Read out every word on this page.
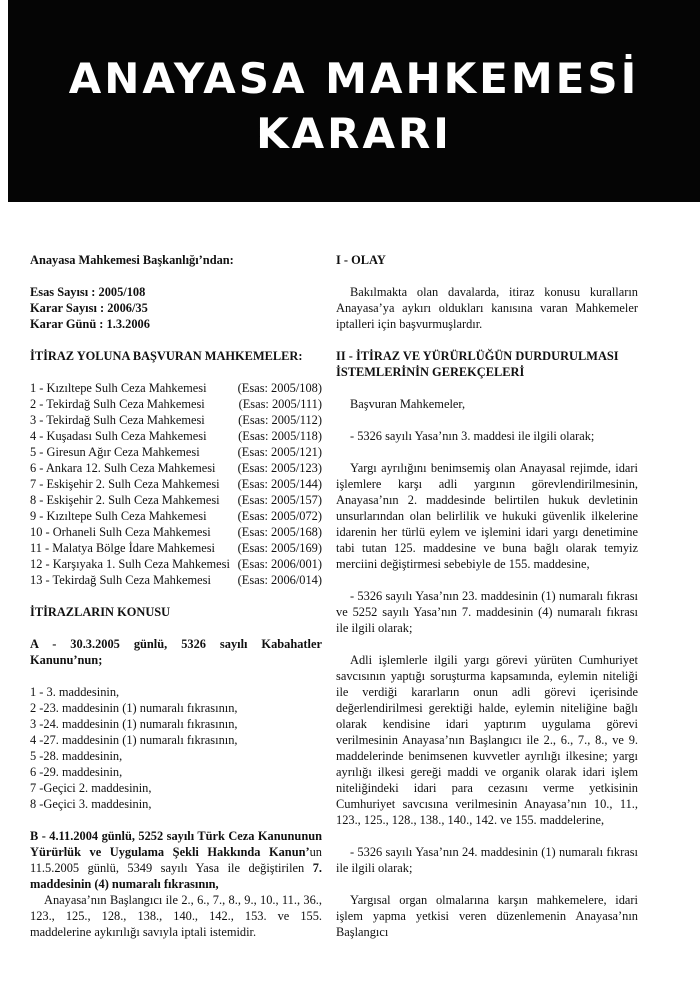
ANAYASA MAHKEMESİ
KARARI

Anayasa Mahkemesi Başkanlığı’ndan:

Esas Sayısı : 2005/108

Karar Sayısı : 2006/35

Karar Günü : 1.3.2006

İTİRAZ YOLUNA BAŞVURAN MAHKEMELER:

1 - Kızıltepe Sulh Ceza Mahkemesi	(Esas: 2005/108)
2 - Tekirdağ Sulh Ceza Mahkemesi	(Esas: 2005/111)
3 - Tekirdağ Sulh Ceza Mahkemesi	(Esas: 2005/112)
4 - Kuşadası Sulh Ceza Mahkemesi	(Esas: 2005/118)
5 - Giresun Ağır Ceza Mahkemesi	(Esas: 2005/121)
6 - Ankara 12. Sulh Ceza Mahkemesi (Esas: 2005/123)
7 - Eskişehir 2. Sulh Ceza Mahkemesi (Esas: 2005/144)
8 - Eskişehir 2. Sulh Ceza Mahkemesi (Esas: 2005/157)
9 - Kızıltepe Sulh Ceza Mahkemesi	(Esas: 2005/072)
10 - Orhaneli Sulh Ceza Mahkemesi (Esas: 2005/168)
11 - Malatya Bölge İdare Mahkemesi (Esas: 2005/169)
12 - Karşıyaka 1. Sulh Ceza Mahkemesi (Esas: 2006/001)
13 - Tekirdağ Sulh Ceza Mahkemesi (Esas: 2006/014)

İTİRAZLARIN KONUSU

A - 30.3.2005 günlü, 5326 sayılı Kabahatler Kanunu’nun;

1 - 3. maddesinin,
2 -23. maddesinin (1) numaralı fıkrasının,
3 -24. maddesinin (1) numaralı fıkrasının,
4 -27. maddesinin (1) numaralı fıkrasının,
5 -28. maddesinin,
6 -29. maddesinin,
7 -Geçici 2. maddesinin,
8 -Geçici 3. maddesinin,

B - 4.11.2004 günlü, 5252 sayılı Türk Ceza Kanununun Yürürlük ve Uygulama Şekli Hakkında Kanun’un 11.5.2005 günlü, 5349 sayılı Yasa ile değiştirilen 7. maddesinin (4) numaralı fıkrasının,

Anayasa’nın Başlangıcı ile 2., 6., 7., 8., 9., 10., 11., 36., 123., 125., 128., 138., 140., 142., 153. ve 155. maddelerine aykırılığı savıyla iptali istemidir.

I - OLAY

Bakılmakta olan davalarda, itiraz konusu kuralların Anayasa’ya aykırı oldukları kanısına varan Mahkemeler iptalleri için başvurmuşlardır.

II - İTİRAZ VE YÜRÜRLÜĞÜN DURDURULMASI İSTEMLERİNİN GEREKÇELERİ

Başvuran Mahkemeler,

- 5326 sayılı Yasa’nın 3. maddesi ile ilgili olarak;

Yargı ayrılığını benimsemiş olan Anayasal rejimde, idari işlemlere karşı adli yargının görevlendirilmesinin, Anayasa’nın 2. maddesinde belirtilen hukuk devletinin unsurlarından olan belirlilik ve hukuki güvenlik ilkelerine idarenin her türlü eylem ve işlemini idari yargı denetimine tabi tutan 125. maddesine ve buna bağlı olarak temyiz merciini değiştirmesi sebebiyle de 155. maddesine,

- 5326 sayılı Yasa’nın 23. maddesinin (1) numaralı fıkrası ve 5252 sayılı Yasa’nın 7. maddesinin (4) numaralı fıkrası ile ilgili olarak;

Adli işlemlerle ilgili yargı görevi yürüten Cumhuriyet savcısının yaptığı soruşturma kapsamında, eylemin niteliği ile verdiği kararların onun adli görevi içerisinde değerlendirilmesi gerektiği halde, eylemin niteliğine bağlı olarak kendisine idari yaptırım uygulama görevi verilmesinin Anayasa’nın Başlangıcı ile 2., 6., 7., 8., ve 9. maddelerinde benimsenen kuvvetler ayrılığı ilkesine; yargı ayrılığı ilkesi gereği maddi ve organik olarak idari işlem niteliğindeki idari para cezasını verme yetkisinin Cumhuriyet savcısına verilmesinin Anayasa’nın 10., 11., 123., 125., 128., 138., 140., 142. ve 155. maddelerine,

- 5326 sayılı Yasa’nın 24. maddesinin (1) numaralı fıkrası ile ilgili olarak;

Yargısal organ olmalarına karşın mahkemelere, idari işlem yapma yetkisi veren düzenlemenin Anayasa’nın Başlangıcı
